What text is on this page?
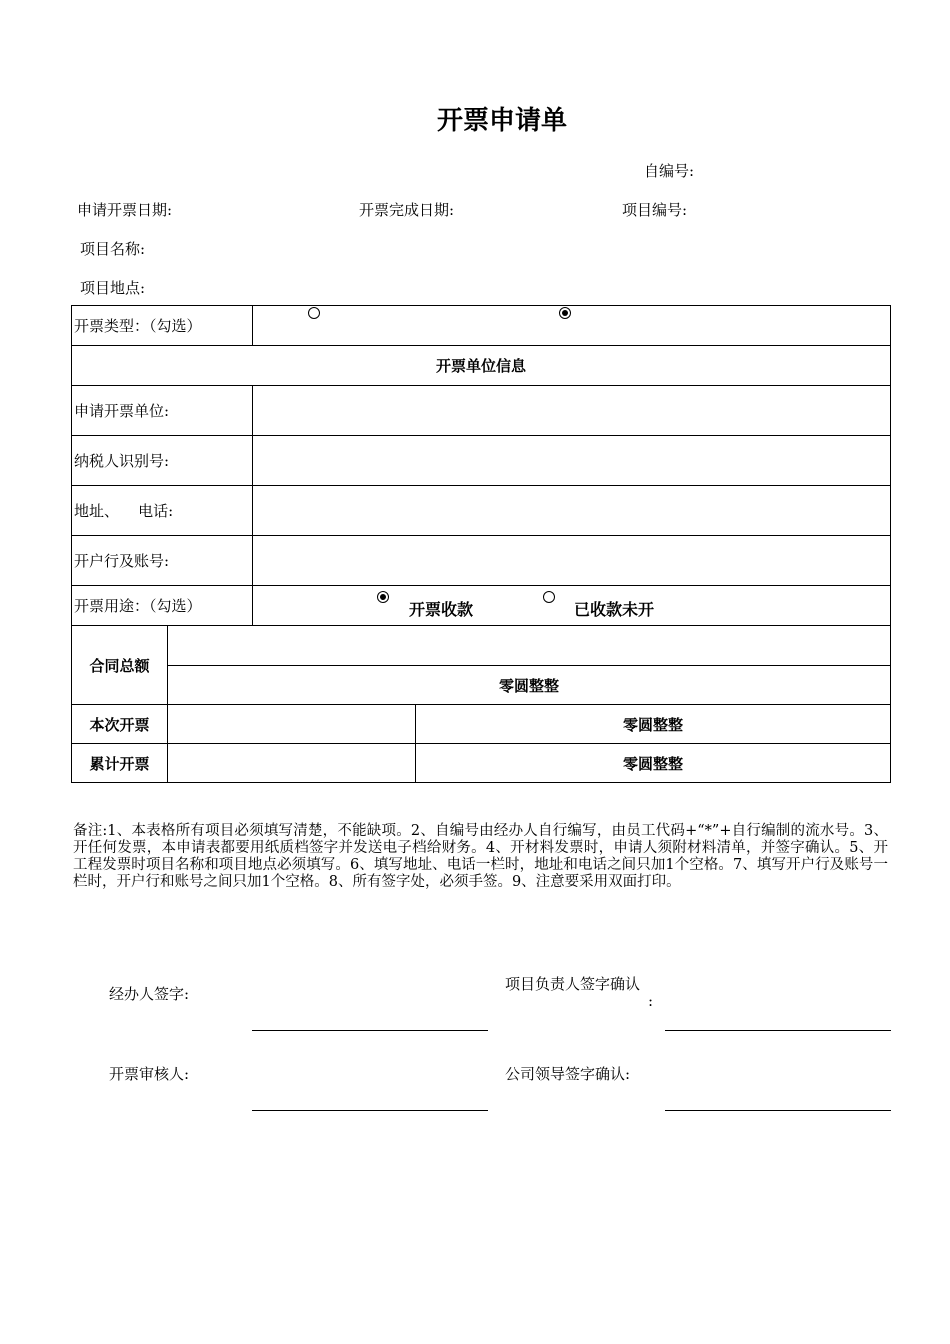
开票申请单
自编号:
申请开票日期:	开票完成日期:	项目编号:
项目名称:
项目地点:
开票类型：（勾选）
开票单位信息
申请开票单位:
纳税人识别号:
地址、    电话:
开户行及账号:
开票用途：（勾选）	开票收款	已收款未开
合同总额
零圆整整
本次开票	零圆整整
累计开票	零圆整整
备注:1、本表格所有项目必须填写清楚，不能缺项。2、自编号由经办人自行编写，由员工代码+“*”+自行编制的流水号。3、开任何发票，本申请表都要用纸质档签字并发送电子档给财务。4、开材料发票时，申请人须附材料清单，并签字确认。5、开工程发票时项目名称和项目地点必须填写。6、填写地址、电话一栏时，地址和电话之间只加1个空格。7、填写开户行及账号一栏时，开户行和账号之间只加1个空格。8、所有签字处，必须手签。9、注意要采用双面打印。
经办人签字:
项目负责人签字确认
:
开票审核人:	公司领导签字确认:
